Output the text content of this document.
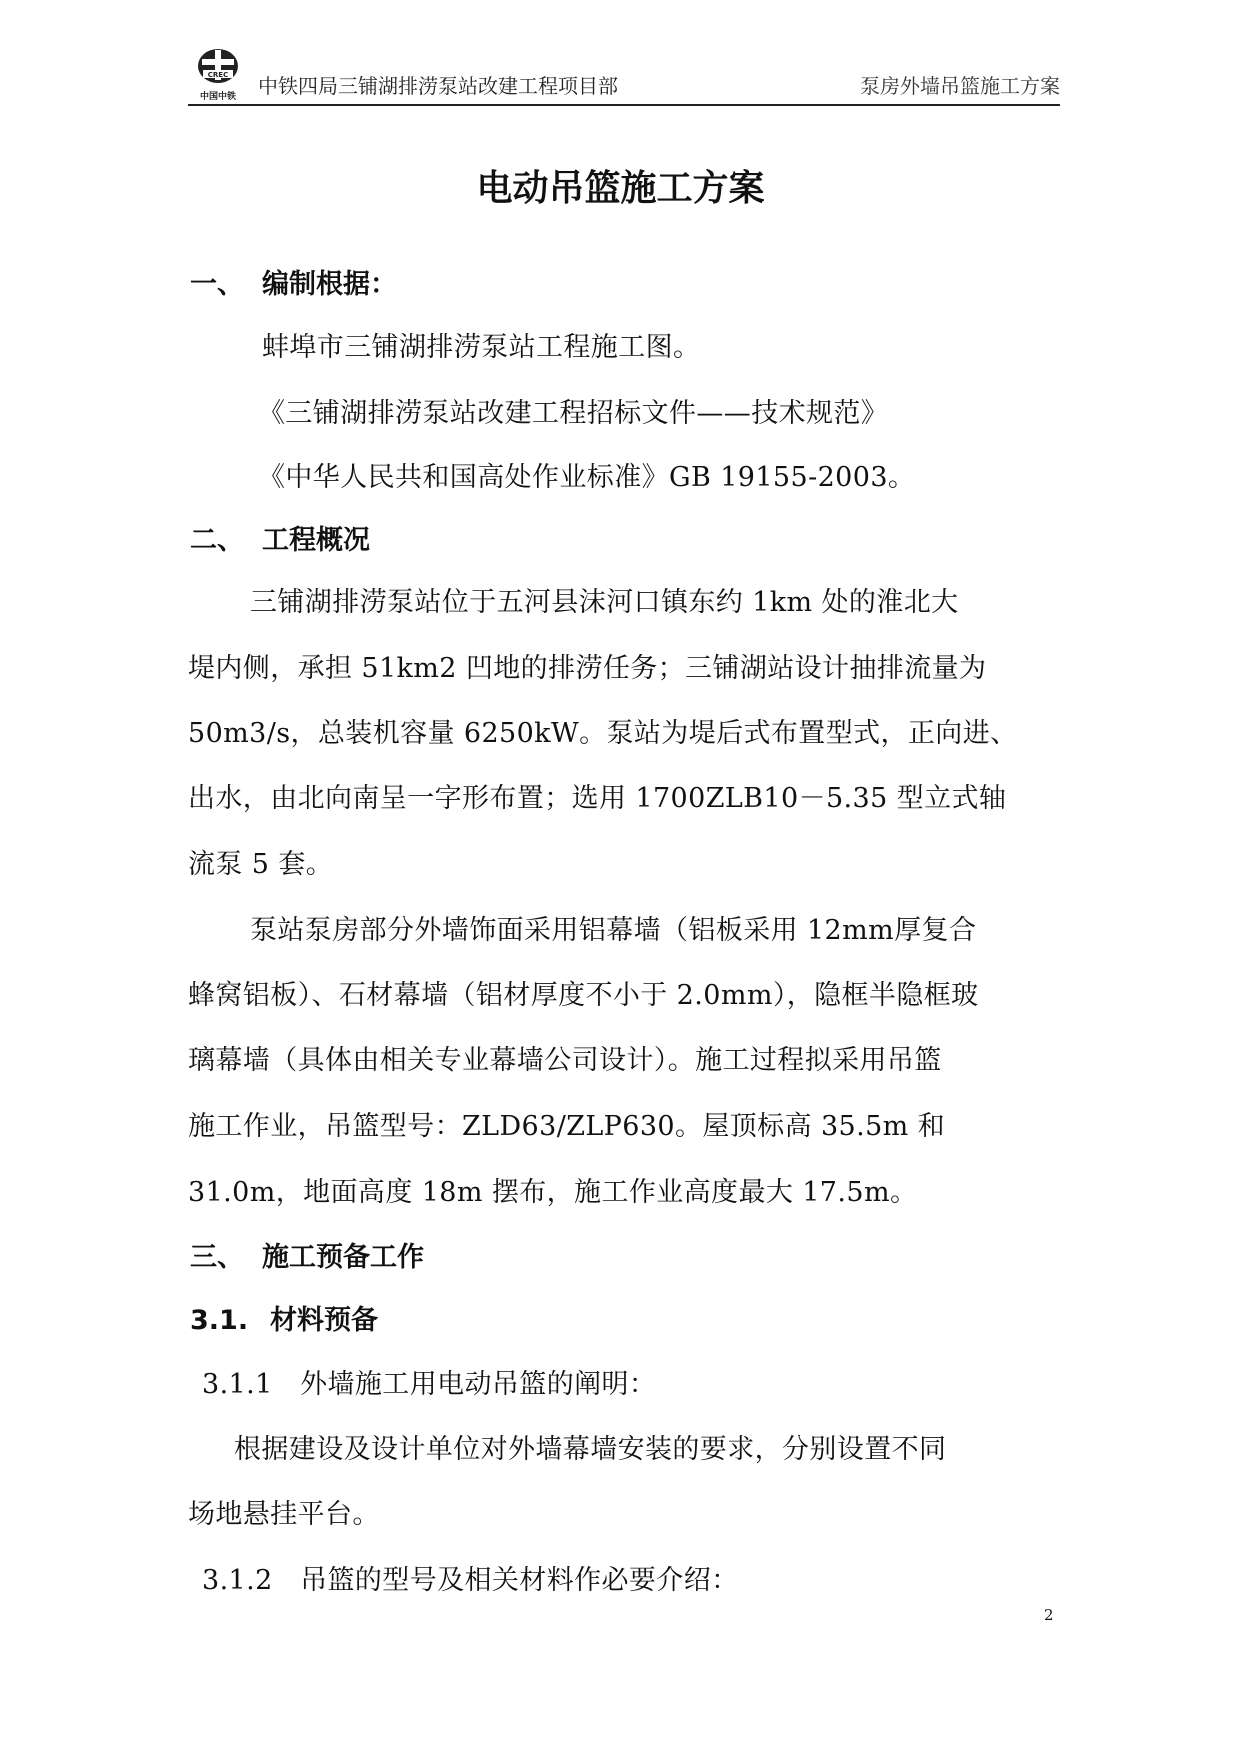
CREC
中国中铁 中铁四局三铺湖排涝泵站改建工程项目部	泵房外墙吊篮施工方案
电动吊篮施工方案
一、 编制根据：
蚌埠市三铺湖排涝泵站工程施工图。
《三铺湖排涝泵站改建工程招标文件——技术规范》
《中华人民共和国高处作业标准》GB 19155-2003。
二、 工程概况
三铺湖排涝泵站位于五河县沫河口镇东约 1km 处的淮北大
堤内侧，承担 51km2 凹地的排涝任务；三铺湖站设计抽排流量为
50m3/s，总装机容量 6250kW。泵站为堤后式布置型式，正向进、
出水，由北向南呈一字形布置；选用 1700ZLB10－5.35 型立式轴
流泵 5 套。
泵站泵房部分外墙饰面采用铝幕墙（铝板采用 12mm厚复合
蜂窝铝板）、石材幕墙（铝材厚度不小于 2.0mm），隐框半隐框玻
璃幕墙（具体由相关专业幕墙公司设计）。施工过程拟采用吊篮
施工作业，吊篮型号：ZLD63/ZLP630。屋顶标高 35.5m 和
31.0m，地面高度 18m 摆布，施工作业高度最大 17.5m。
三、 施工预备工作
3.1. 材料预备
3.1.1　外墙施工用电动吊篮的阐明：
根据建设及设计单位对外墙幕墙安装的要求，分别设置不同
场地悬挂平台。
3.1.2　吊篮的型号及相关材料作必要介绍：
2
